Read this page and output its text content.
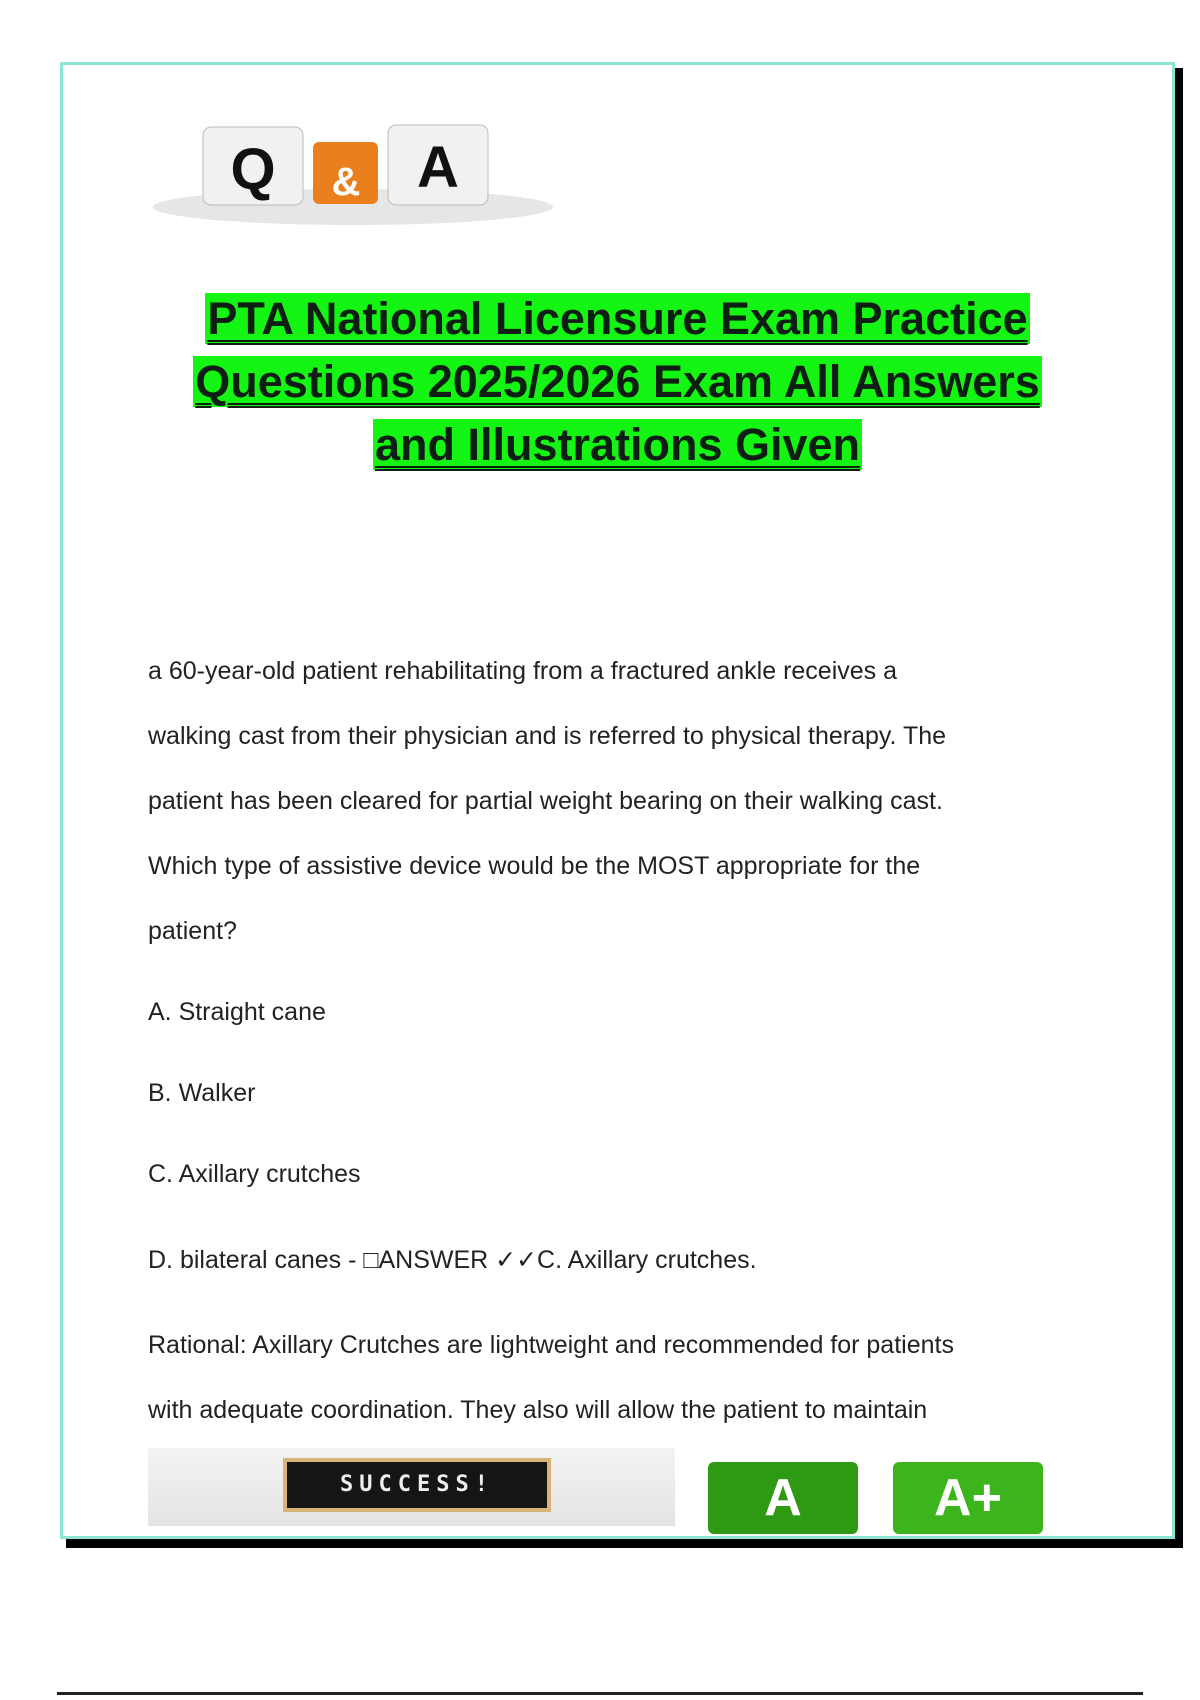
Q & A
PTA National Licensure Exam Practice
Questions 2025/2026 Exam All Answers
and Illustrations Given
a 60-year-old patient rehabilitating from a fractured ankle receives a
walking cast from their physician and is referred to physical therapy. The
patient has been cleared for partial weight bearing on their walking cast.
Which type of assistive device would be the MOST appropriate for the
patient?
A. Straight cane
B. Walker
C. Axillary crutches
D. bilateral canes - □ANSWER ✓✓C. Axillary crutches.
Rational: Axillary Crutches are lightweight and recommended for patients
with adequate coordination. They also will allow the patient to maintain
SUCCESS!	A	A+
